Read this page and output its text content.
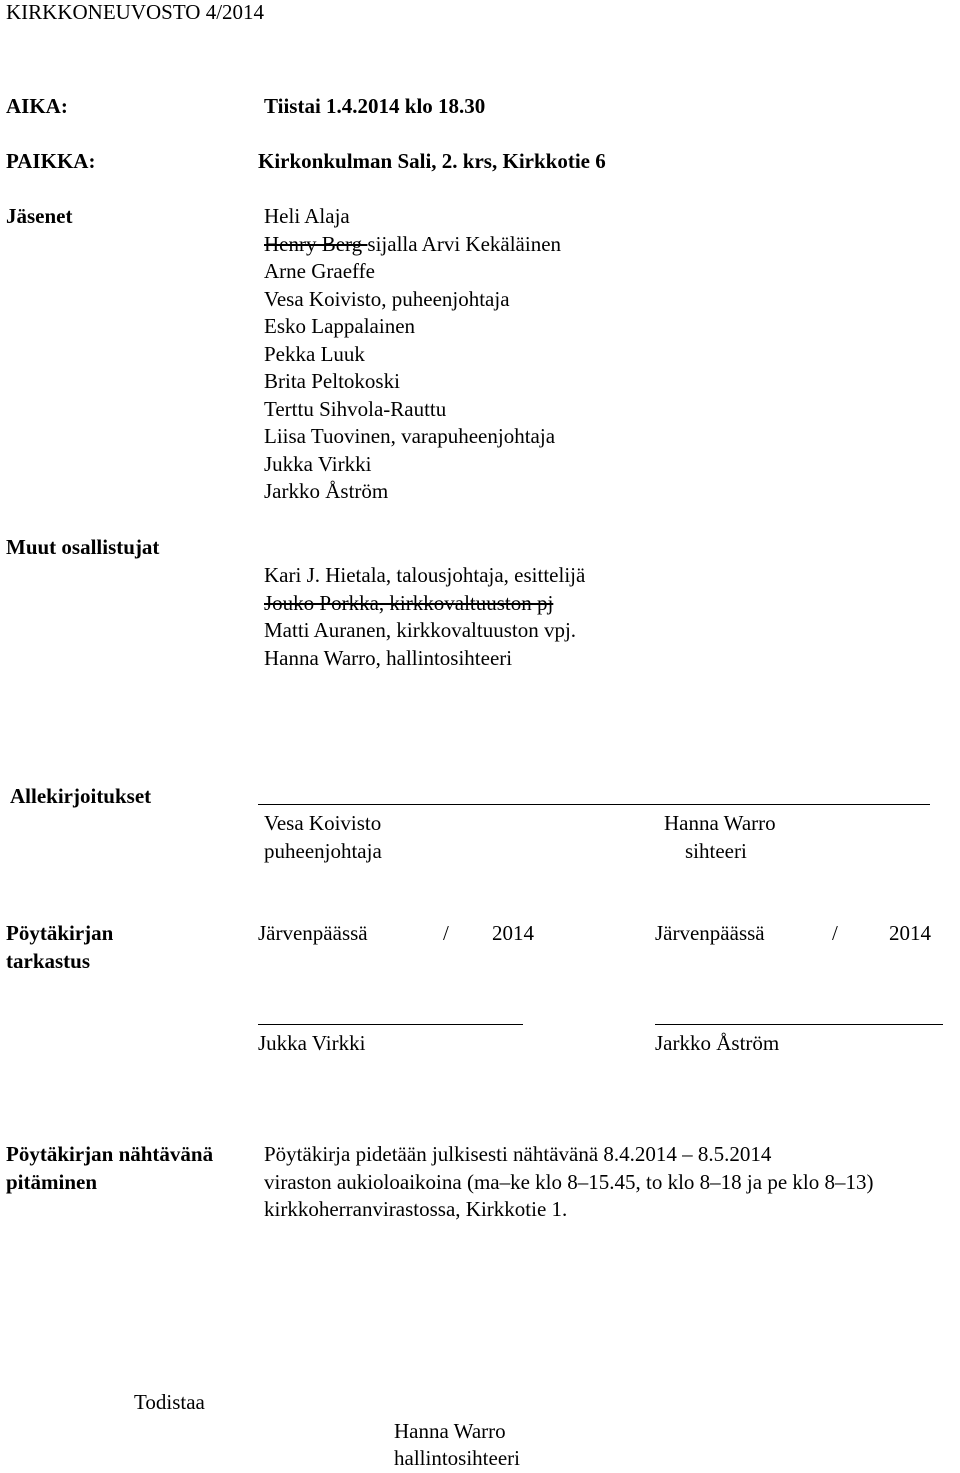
KIRKKONEUVOSTO 4/2014
AIKA:	Tiistai 1.4.2014 klo 18.30
PAIKKA:	Kirkonkulman Sali, 2. krs, Kirkkotie 6
Jäsenet	Heli Alaja
Henry Berg sijalla Arvi Kekäläinen
Arne Graeffe
Vesa Koivisto, puheenjohtaja
Esko Lappalainen
Pekka Luuk
Brita Peltokoski
Terttu Sihvola-Rauttu
Liisa Tuovinen, varapuheenjohtaja
Jukka Virkki
Jarkko Åström
Muut osallistujat
Kari J. Hietala, talousjohtaja, esittelijä
Jouko Porkka, kirkkovaltuuston pj
Matti Auranen, kirkkovaltuuston vpj.
Hanna Warro, hallintosihteeri
Allekirjoitukset
Vesa Koivisto
puheenjohtaja
Hanna Warro
sihteeri
Pöytäkirjan
tarkastus
Järvenpäässä	/ 2014	Järvenpäässä	/ 2014
Jukka Virkki	Jarkko Åström
Pöytäkirjan nähtävänä
pitäminen
Pöytäkirja pidetään julkisesti nähtävänä 8.4.2014 – 8.5.2014
viraston aukioloaikoina (ma–ke klo 8–15.45, to klo 8–18 ja pe klo 8–13)
kirkkoherranvirastossa, Kirkkotie 1.
Todistaa
Hanna Warro
hallintosihteeri
